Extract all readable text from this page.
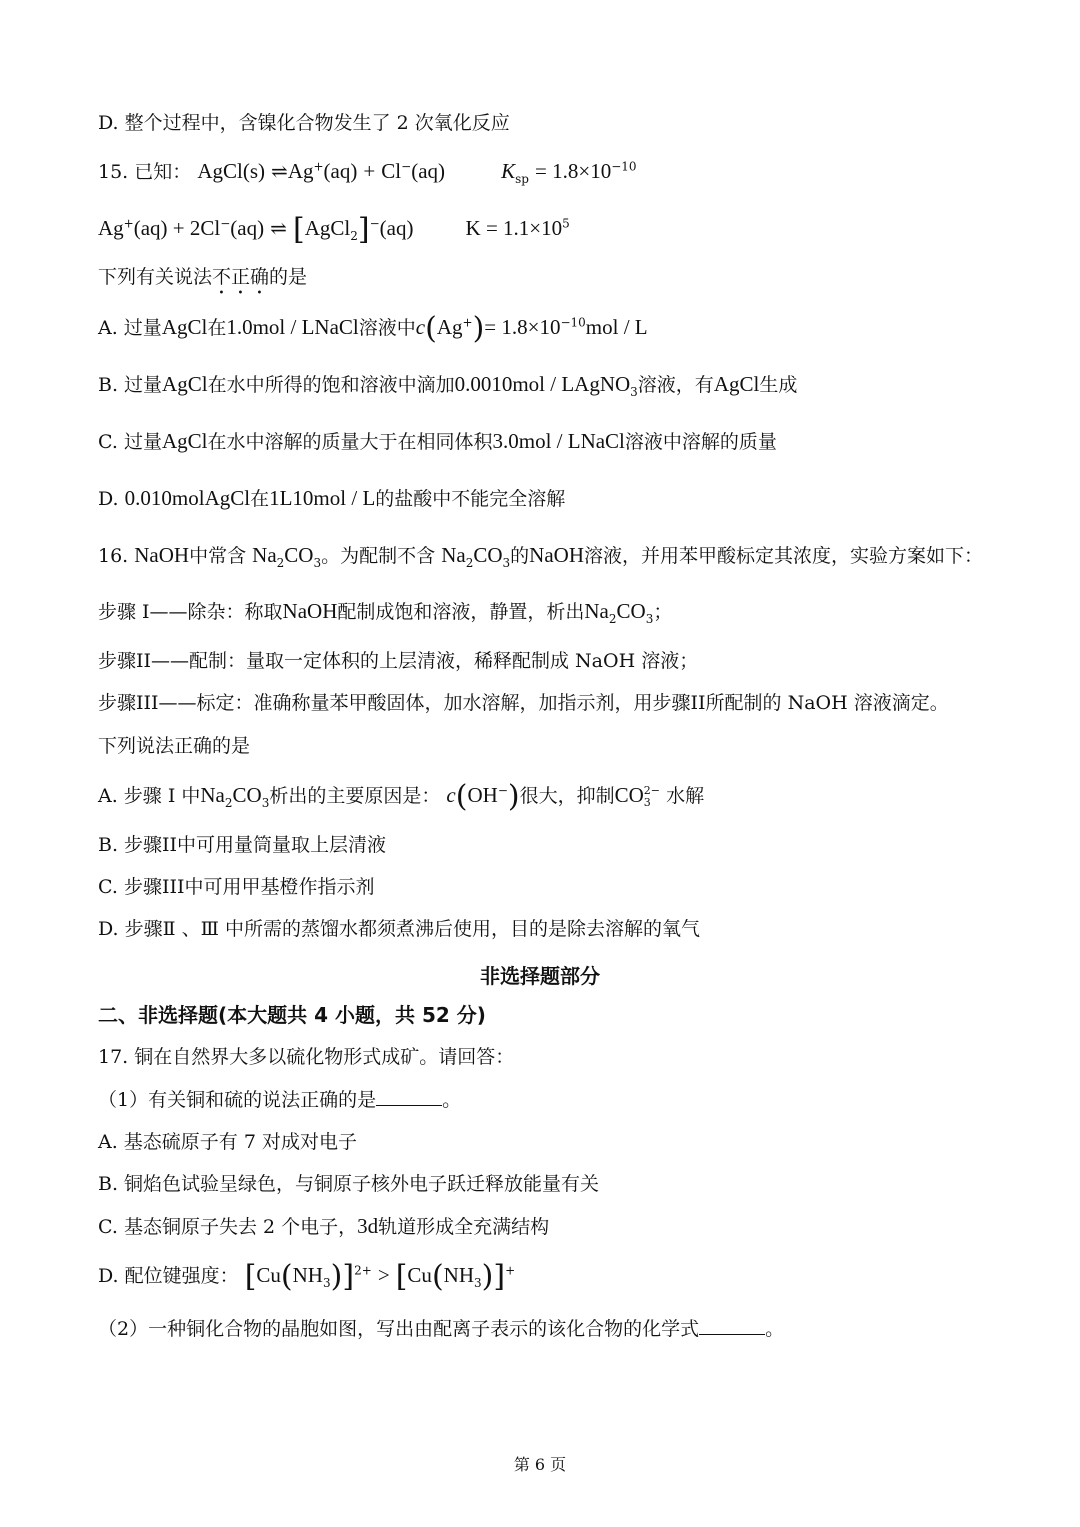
D. 整个过程中，含镍化合物发生了 2 次氧化反应
15. 已知： AgCl(s) ⇌Ag+(aq) + Cl−(aq)	$K_{sp} = 1.8\times 10^{-10}$
Ag+(aq) + 2Cl−(aq) ⇌ [AgCl$_2$]−(aq) $K = 1.1\times 10^5$
下列有关说法不正确的是
A. 过量AgCl在1.0mol / LNaCl溶液中$c(Ag^+)= 1.8\times 10^{-10}mol / L$
B. 过量AgCl在水中所得的饱和溶液中滴加0.0010mol / LAgNO$_3$溶液，有AgCl生成
C. 过量AgCl在水中溶解的质量大于在相同体积3.0mol / LNaCl溶液中溶解的质量
D. 0.010molAgCl在1L10mol / L的盐酸中不能完全溶解
16. NaOH中常含 $Na_2CO_3$。为配制不含 $Na_2CO_3$的NaOH溶液，并用苯甲酸标定其浓度，实验方案如下：
步骤 I——除杂：称取NaOH配制成饱和溶液，静置，析出$Na_2CO_3$；
步骤II——配制：量取一定体积的上层清液，稀释配制成 NaOH 溶液；
步骤III——标定：准确称量苯甲酸固体，加水溶解，加指示剂，用步骤II所配制的 NaOH 溶液滴定。
下列说法正确的是
A. 步骤 I 中$Na_2CO_3$析出的主要原因是： c(OH−)很大，抑制CO 2−
3 水解
B. 步骤II中可用量筒量取上层清液
C. 步骤III中可用甲基橙作指示剂
D. 步骤Ⅱ 、Ⅲ 中所需的蒸馏水都须煮沸后使用，目的是除去溶解的氧气
非选择题部分
二、非选择题(本大题共 4 小题，共 52 分)
17. 铜在自然界大多以硫化物形式成矿。请回答：
（1）有关铜和硫的说法正确的是	。
A. 基态硫原子有 7 对成对电子
B. 铜焰色试验呈绿色，与铜原子核外电子跃迁释放能量有关
C. 基态铜原子失去 2 个电子，3d轨道形成全充满结构
D. 配位键强度： $[Cu(NH_3)]^{2+} > [Cu(NH_3)]^+$
（2）一种铜化合物的晶胞如图，写出由配离子表示的该化合物的化学式	。
第 6 页
